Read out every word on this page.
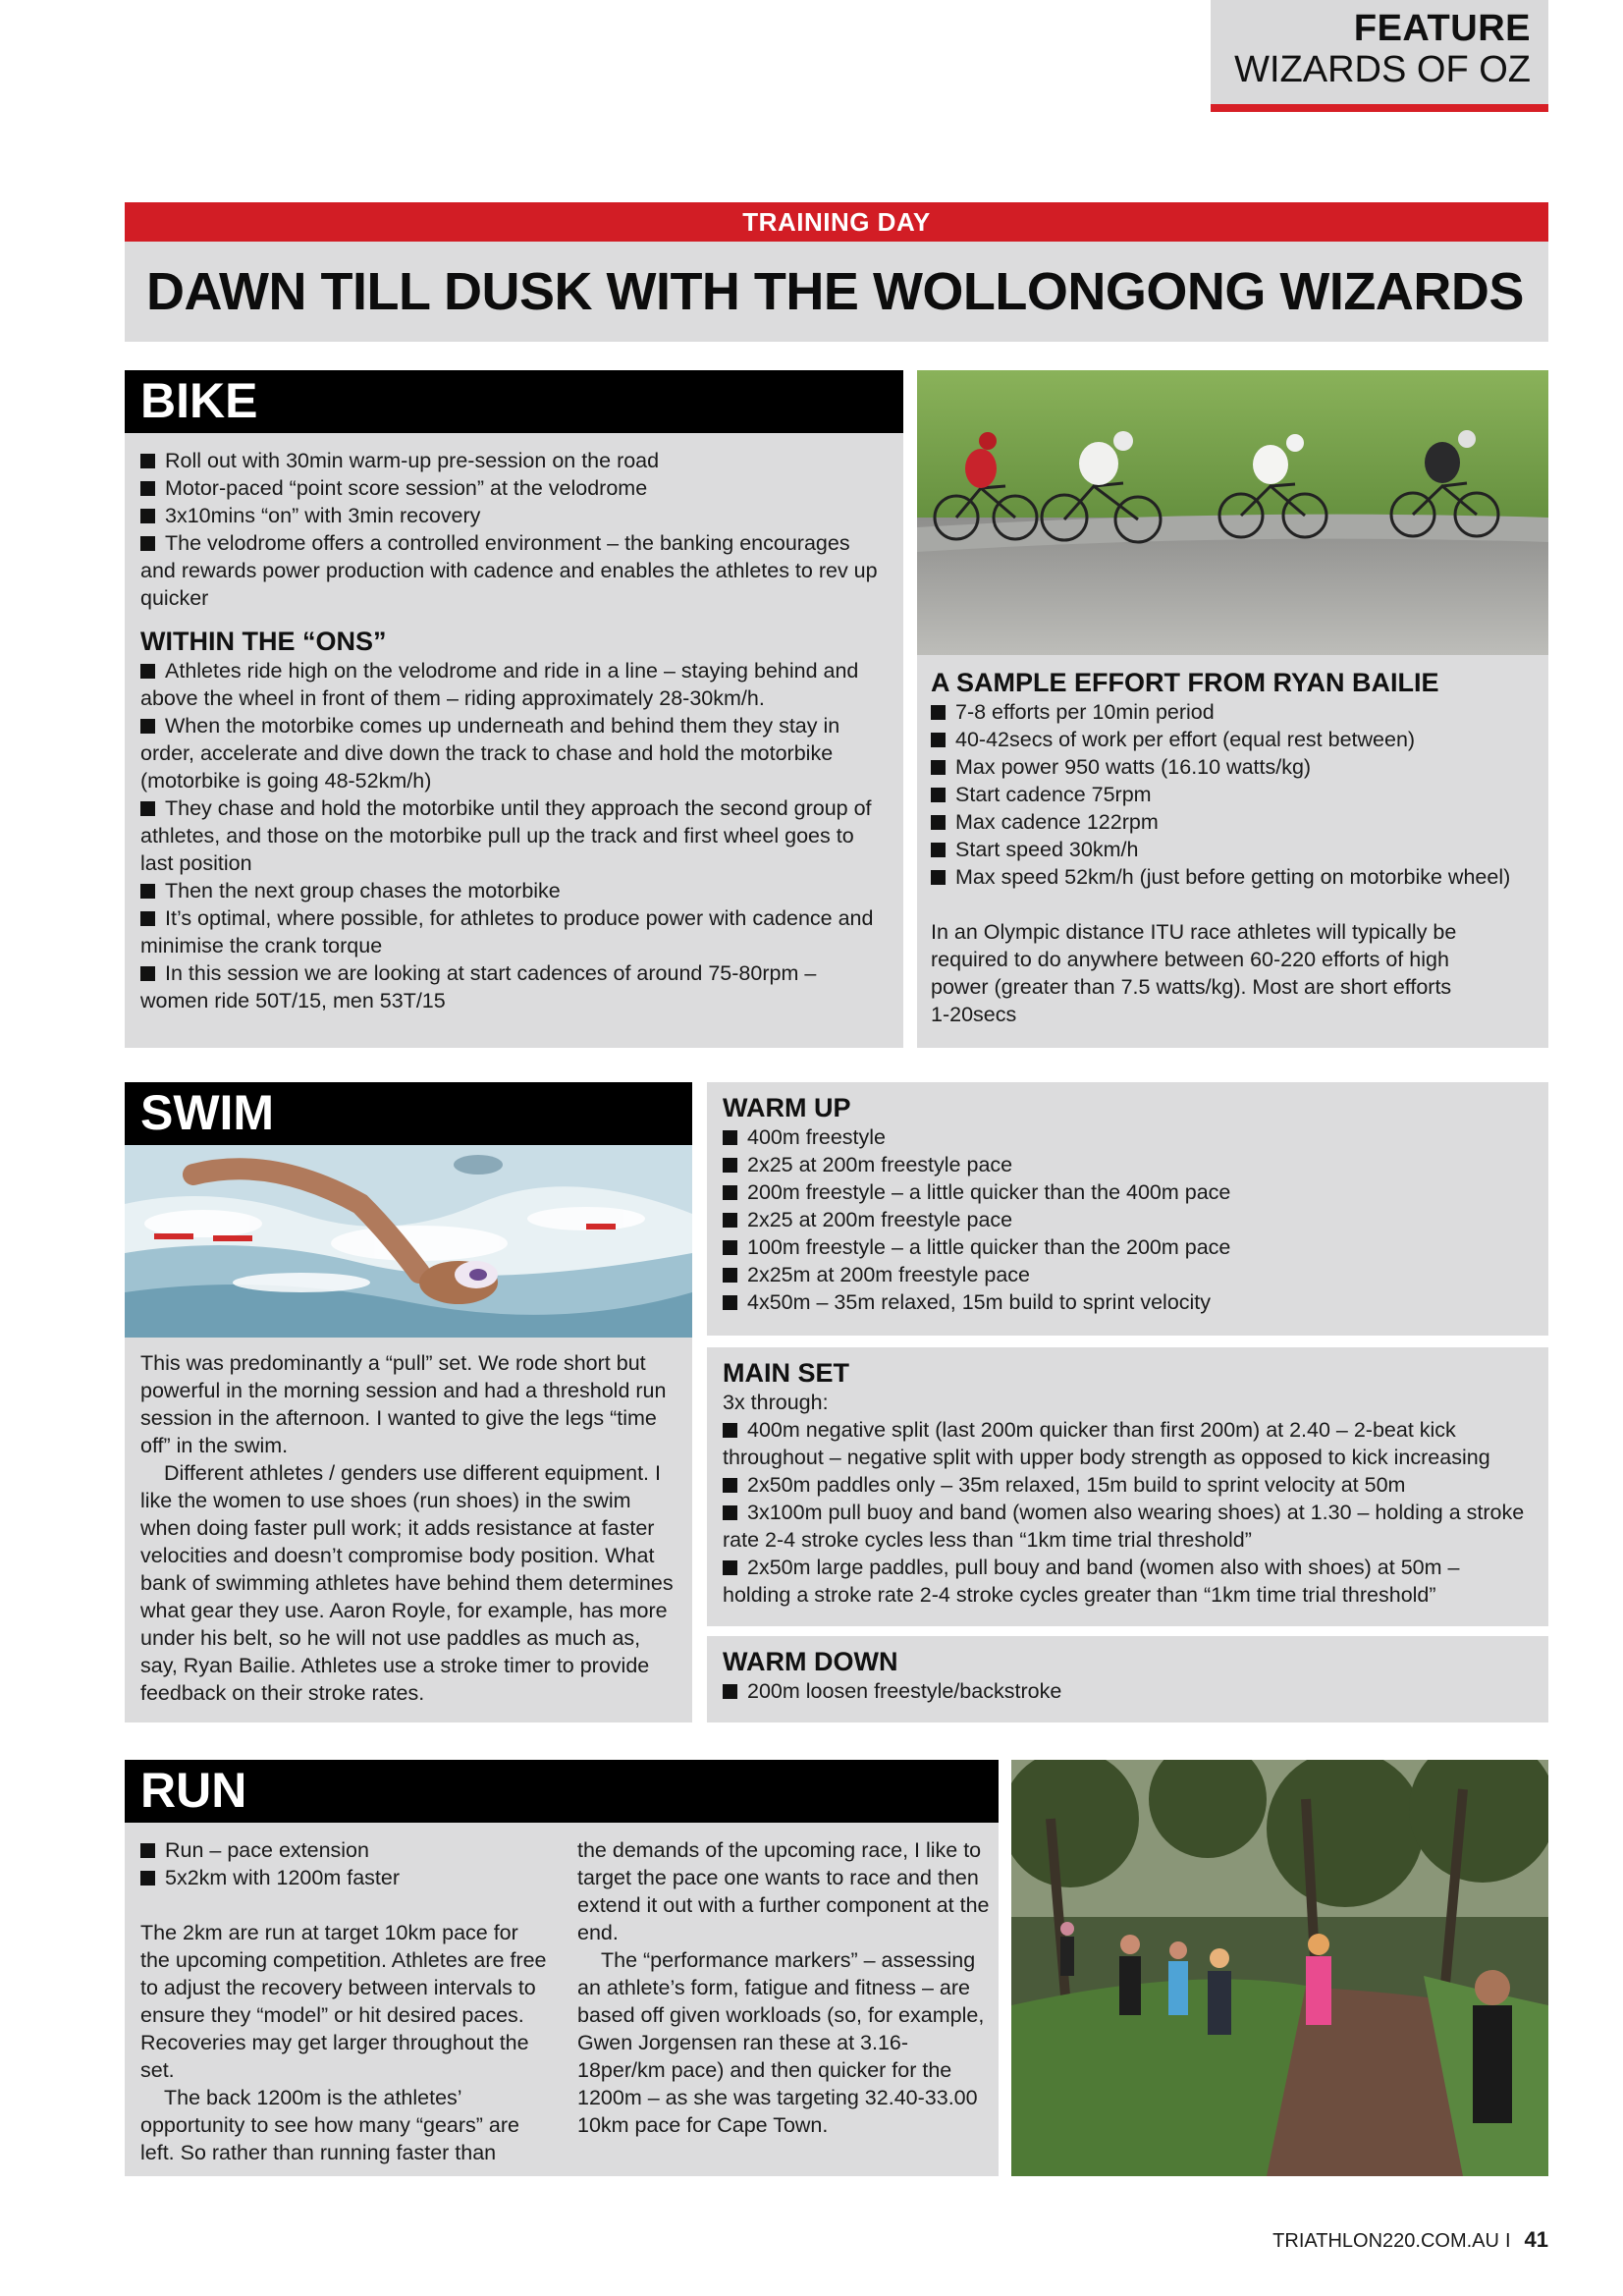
FEATURE
WIZARDS OF OZ
TRAINING DAY
DAWN TILL DUSK WITH THE WOLLONGONG WIZARDS
BIKE
Roll out with 30min warm-up pre-session on the road
Motor-paced “point score session” at the velodrome
3x10mins “on” with 3min recovery
The velodrome offers a controlled environment – the banking encourages and rewards power production with cadence and enables the athletes to rev up quicker
WITHIN THE “ONS”
Athletes ride high on the velodrome and ride in a line – staying behind and above the wheel in front of them – riding approximately 28-30km/h.
When the motorbike comes up underneath and behind them they stay in order, accelerate and dive down the track to chase and hold the motorbike (motorbike is going 48-52km/h)
They chase and hold the motorbike until they approach the second group of athletes, and those on the motorbike pull up the track and first wheel goes to last position
Then the next group chases the motorbike
It’s optimal, where possible, for athletes to produce power with cadence and minimise the crank torque
In this session we are looking at start cadences of around 75-80rpm – women ride 50T/15, men 53T/15
A SAMPLE EFFORT FROM RYAN BAILIE
7-8 efforts per 10min period
40-42secs of work per effort (equal rest between)
Max power 950 watts (16.10 watts/kg)
Start cadence 75rpm
Max cadence 122rpm
Start speed 30km/h
Max speed 52km/h (just before getting on motorbike wheel)
In an Olympic distance ITU race athletes will typically be required to do anywhere between 60-220 efforts of high power (greater than 7.5 watts/kg). Most are short efforts 1-20secs
SWIM
This was predominantly a “pull” set. We rode short but powerful in the morning session and had a threshold run session in the afternoon. I wanted to give the legs “time off” in the swim.
Different athletes / genders use different equipment. I like the women to use shoes (run shoes) in the swim when doing faster pull work; it adds resistance at faster velocities and doesn’t compromise body position. What bank of swimming athletes have behind them determines what gear they use. Aaron Royle, for example, has more under his belt, so he will not use paddles as much as, say, Ryan Bailie. Athletes use a stroke timer to provide feedback on their stroke rates.
WARM UP
400m freestyle
2x25 at 200m freestyle pace
200m freestyle – a little quicker than the 400m pace
2x25 at 200m freestyle pace
100m freestyle – a little quicker than the 200m pace
2x25m at 200m freestyle pace
4x50m – 35m relaxed, 15m build to sprint velocity
MAIN SET
3x through:
400m negative split (last 200m quicker than first 200m) at 2.40 – 2-beat kick throughout – negative split with upper body strength as opposed to kick increasing
2x50m paddles only – 35m relaxed, 15m build to sprint velocity at 50m
3x100m pull buoy and band (women also wearing shoes) at 1.30 – holding a stroke rate 2-4 stroke cycles less than “1km time trial threshold”
2x50m large paddles, pull bouy and band (women also with shoes) at 50m – holding a stroke rate 2-4 stroke cycles greater than “1km time trial threshold”
WARM DOWN
200m loosen freestyle/backstroke
RUN
Run – pace extension
5x2km with 1200m faster
The 2km are run at target 10km pace for the upcoming competition. Athletes are free to adjust the recovery between intervals to ensure they “model” or hit desired paces. Recoveries may get larger throughout the set.
The back 1200m is the athletes’ opportunity to see how many “gears” are left. So rather than running faster than
the demands of the upcoming race, I like to target the pace one wants to race and then extend it out with a further component at the end.
The “performance markers” – assessing an athlete’s form, fatigue and fitness – are based off given workloads (so, for example, Gwen Jorgensen ran these at 3.16-18per/km pace) and then quicker for the 1200m – as she was targeting 32.40-33.00 10km pace for Cape Town.
TRIATHLON220.COM.AU I 41
